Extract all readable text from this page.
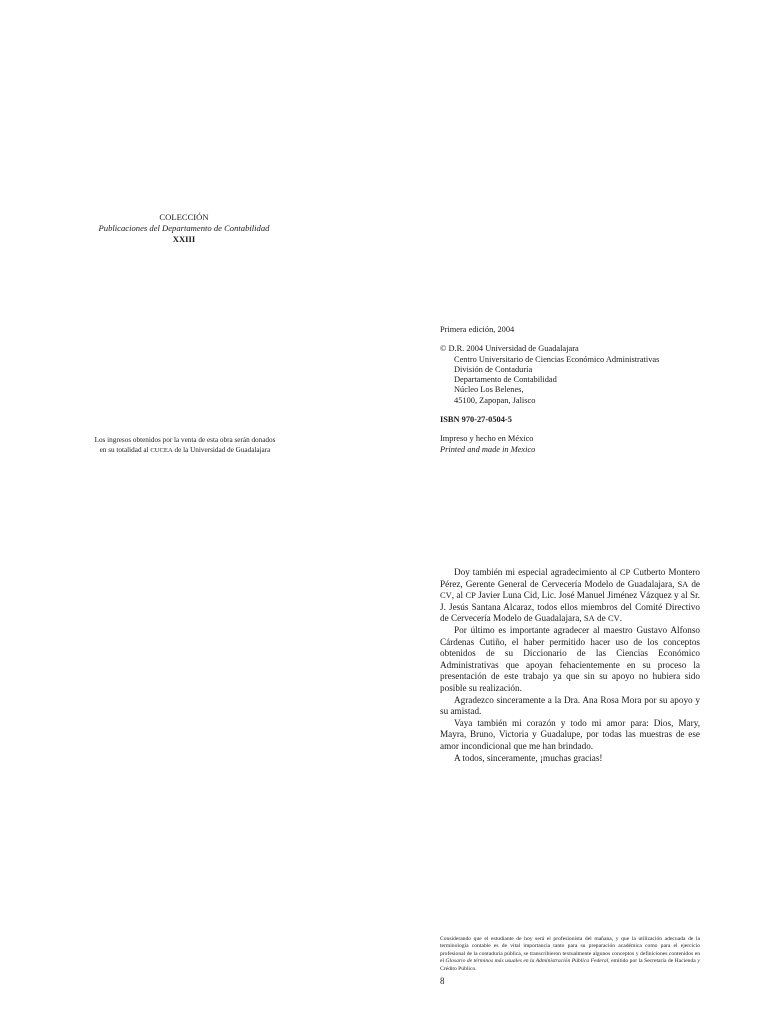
COLECCIÓN
Publicaciones del Departamento de Contabilidad
XXIII
Los ingresos obtenidos por la venta de esta obra serán donados
en su totalidad al CUCEA de la Universidad de Guadalajara
Primera edición, 2004
© D.R. 2004 Universidad de Guadalajara
Centro Universitario de Ciencias Económico Administrativas
División de Contaduría
Departamento de Contabilidad
Núcleo Los Belenes,
45100, Zapopan, Jalisco
ISBN 970-27-0504-5
Impreso y hecho en México
Printed and made in Mexico

Doy también mi especial agradecimiento al CP Cutberto Montero Pérez, Gerente General de Cervecería Modelo de Guadalajara, SA de CV, al CP Javier Luna Cid, Lic. José Manuel Jiménez Vázquez y al Sr. J. Jesús Santana Alcaraz, todos ellos miembros del Comité Directivo de Cervecería Modelo de Guadalajara, SA de CV.

Por último es importante agradecer al maestro Gustavo Alfonso Cárdenas Cutiño, el haber permitido hacer uso de los conceptos obtenidos de su Diccionario de las Ciencias Económico Administrativas que apoyan fehacientemente en su proceso la presentación de este trabajo ya que sin su apoyo no hubiera sido posible su realización.

Agradezco sinceramente a la Dra. Ana Rosa Mora por su apoyo y su amistad.

Vaya también mi corazón y todo mi amor para: Dios, Mary, Mayra, Bruno, Victoria y Guadalupe, por todas las muestras de ese amor incondicional que me han brindado.

A todos, sinceramente, ¡muchas gracias!

Considerando que el estudiante de hoy será el profesionista del mañana, y que la utilización adecuada de la terminología contable es de vital importancia tanto para su preparación académica como para el ejercicio profesional de la contaduría pública, se transcribieron textualmente algunos conceptos y definiciones contenidos en el Glosario de términos más usuales en la Administración Pública Federal, emitido por la Secretaría de Hacienda y Crédito Público.
8
